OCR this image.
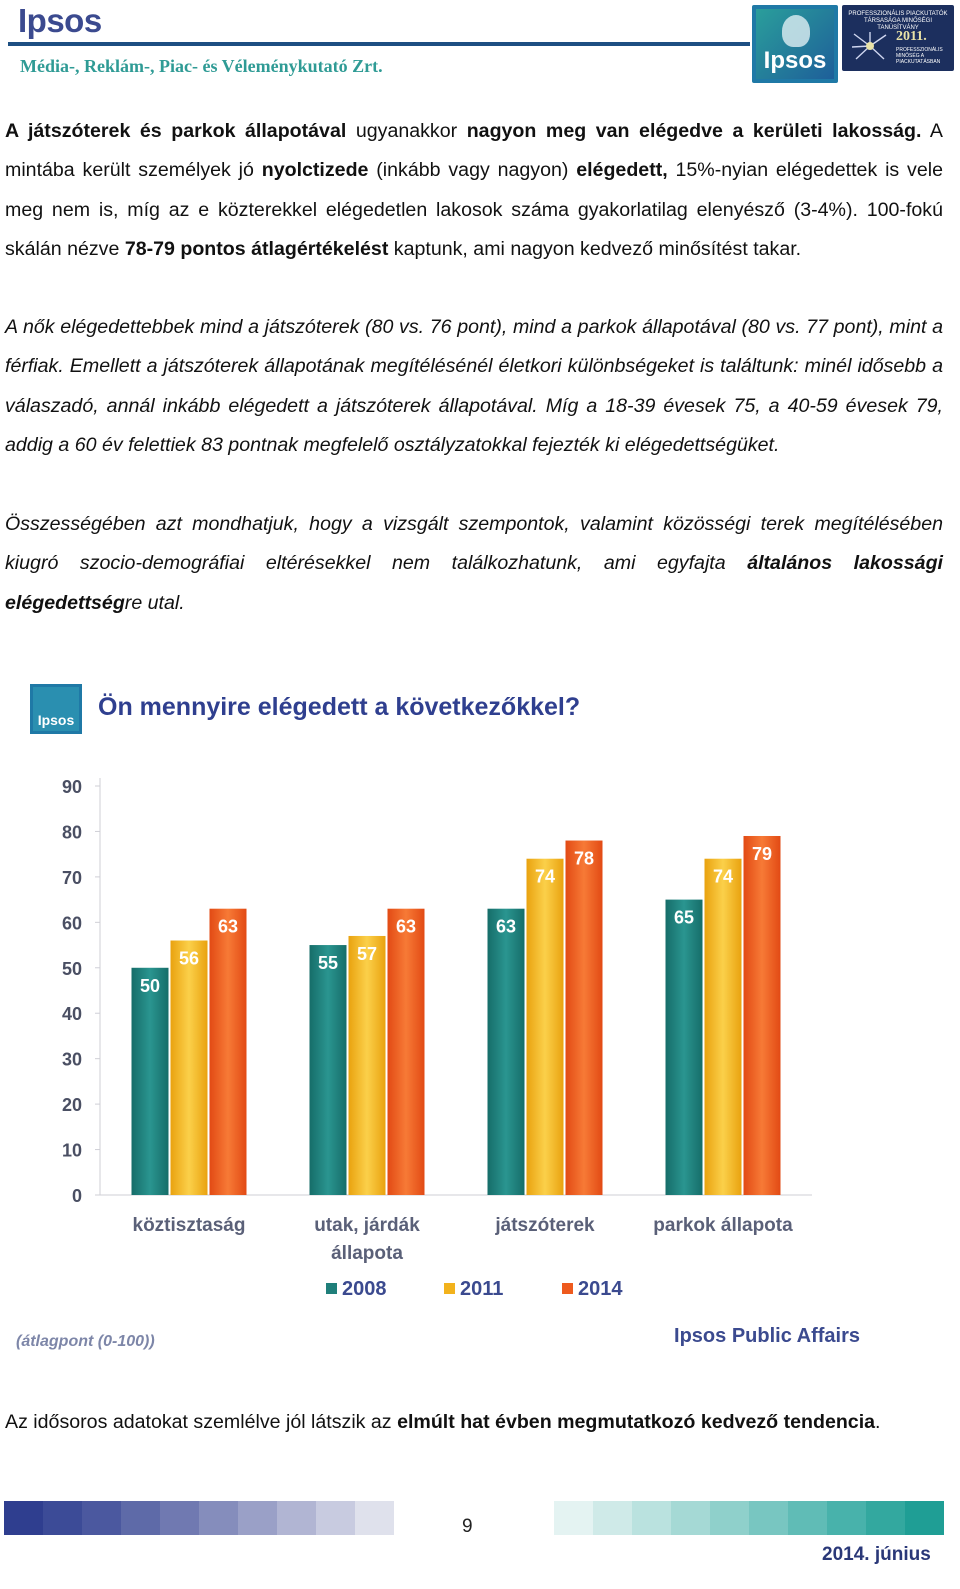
Ipsos
Média-, Reklám-, Piac- és Véleménykutató Zrt.	Ipsos
PROFESSZIONÁLIS PIACKUTATÓK TÁRSASÁGA MINŐSÉGI TANÚSÍTVÁNY
2011.
PROFESSZIONÁLIS MINŐSÉG A PIACKUTATÁSBAN
A játszóterek és parkok állapotával ugyanakkor nagyon meg van elégedve a kerületi lakosság. A mintába került személyek jó nyolctizede (inkább vagy nagyon) elégedett, 15%-nyian elégedettek is vele meg nem is, míg az e közterekkel elégedetlen lakosok száma gyakorlatilag elenyésző (3-4%). 100-fokú skálán nézve 78-79 pontos átlagértékelést kaptunk, ami nagyon kedvező minősítést takar.
A nők elégedettebbek mind a játszóterek (80 vs. 76 pont), mind a parkok állapotával (80 vs. 77 pont), mint a férfiak. Emellett a játszóterek állapotának megítélésénél életkori különbségeket is találtunk: minél idősebb a válaszadó, annál inkább elégedett a játszóterek állapotával. Míg a 18-39 évesek 75, a 40-59 évesek 79, addig a 60 év felettiek 83 pontnak megfelelő osztályzatokkal fejezték ki elégedettségüket.
Összességében azt mondhatjuk, hogy a vizsgált szempontok, valamint közösségi terek megítélésében kiugró szocio-demográfiai eltérésekkel nem találkozhatunk, ami egyfajta általános lakossági elégedettségre utal.
Ipsos Ön mennyire elégedett a következőkkel?
0
10
20
30
40
50
60
70
80
90
50
56
63
55 57
63	63
74
78
65
74
79
köztisztaság	utak, járdák
állapota
játszóterek	parkok állapota
2008	2011	2014
(átlagpont (0-100))	Ipsos Public Affairs
Az idősoros adatokat szemlélve jól látszik az elmúlt hat évben megmutatkozó kedvező tendencia.
9
2014. június
